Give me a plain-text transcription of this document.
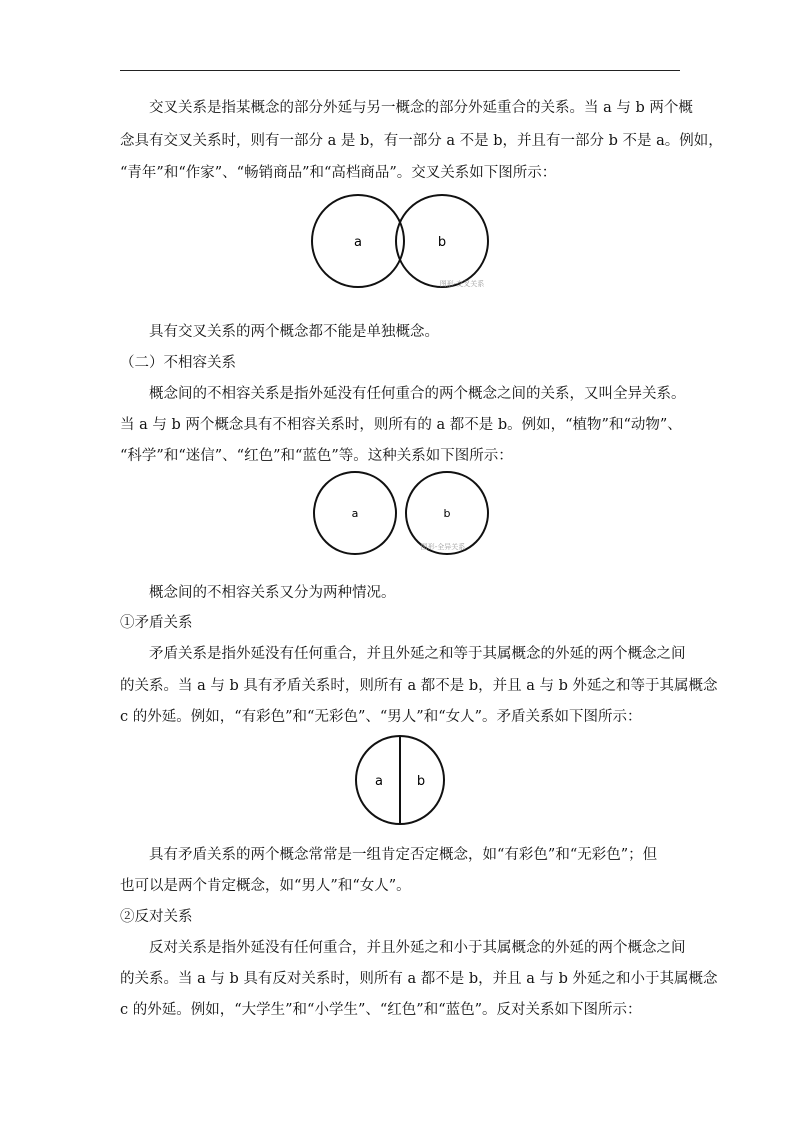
交叉关系是指某概念的部分外延与另一概念的部分外延重合的关系。当 a 与 b 两个概
念具有交叉关系时，则有一部分 a 是 b，有一部分 a 不是 b，并且有一部分 b 不是 a。例如，
“青年”和“作家”、“畅销商品”和“高档商品”。交叉关系如下图所示：
a	b
图形-交叉关系
具有交叉关系的两个概念都不能是单独概念。
（二）不相容关系
概念间的不相容关系是指外延没有任何重合的两个概念之间的关系，又叫全异关系。
当 a 与 b 两个概念具有不相容关系时，则所有的 a 都不是 b。例如，“植物”和“动物”、
“科学”和“迷信”、“红色”和“蓝色”等。这种关系如下图所示：
a	b
图形-全异关系
概念间的不相容关系又分为两种情况。
①矛盾关系
矛盾关系是指外延没有任何重合，并且外延之和等于其属概念的外延的两个概念之间
的关系。当 a 与 b 具有矛盾关系时，则所有 a 都不是 b，并且 a 与 b 外延之和等于其属概念
c 的外延。例如，“有彩色”和“无彩色”、“男人”和“女人”。矛盾关系如下图所示：
a	b
具有矛盾关系的两个概念常常是一组肯定否定概念，如“有彩色”和“无彩色”；但
也可以是两个肯定概念，如“男人”和“女人”。
②反对关系
反对关系是指外延没有任何重合，并且外延之和小于其属概念的外延的两个概念之间
的关系。当 a 与 b 具有反对关系时，则所有 a 都不是 b，并且 a 与 b 外延之和小于其属概念
c 的外延。例如，“大学生”和“小学生”、“红色”和“蓝色”。反对关系如下图所示：
